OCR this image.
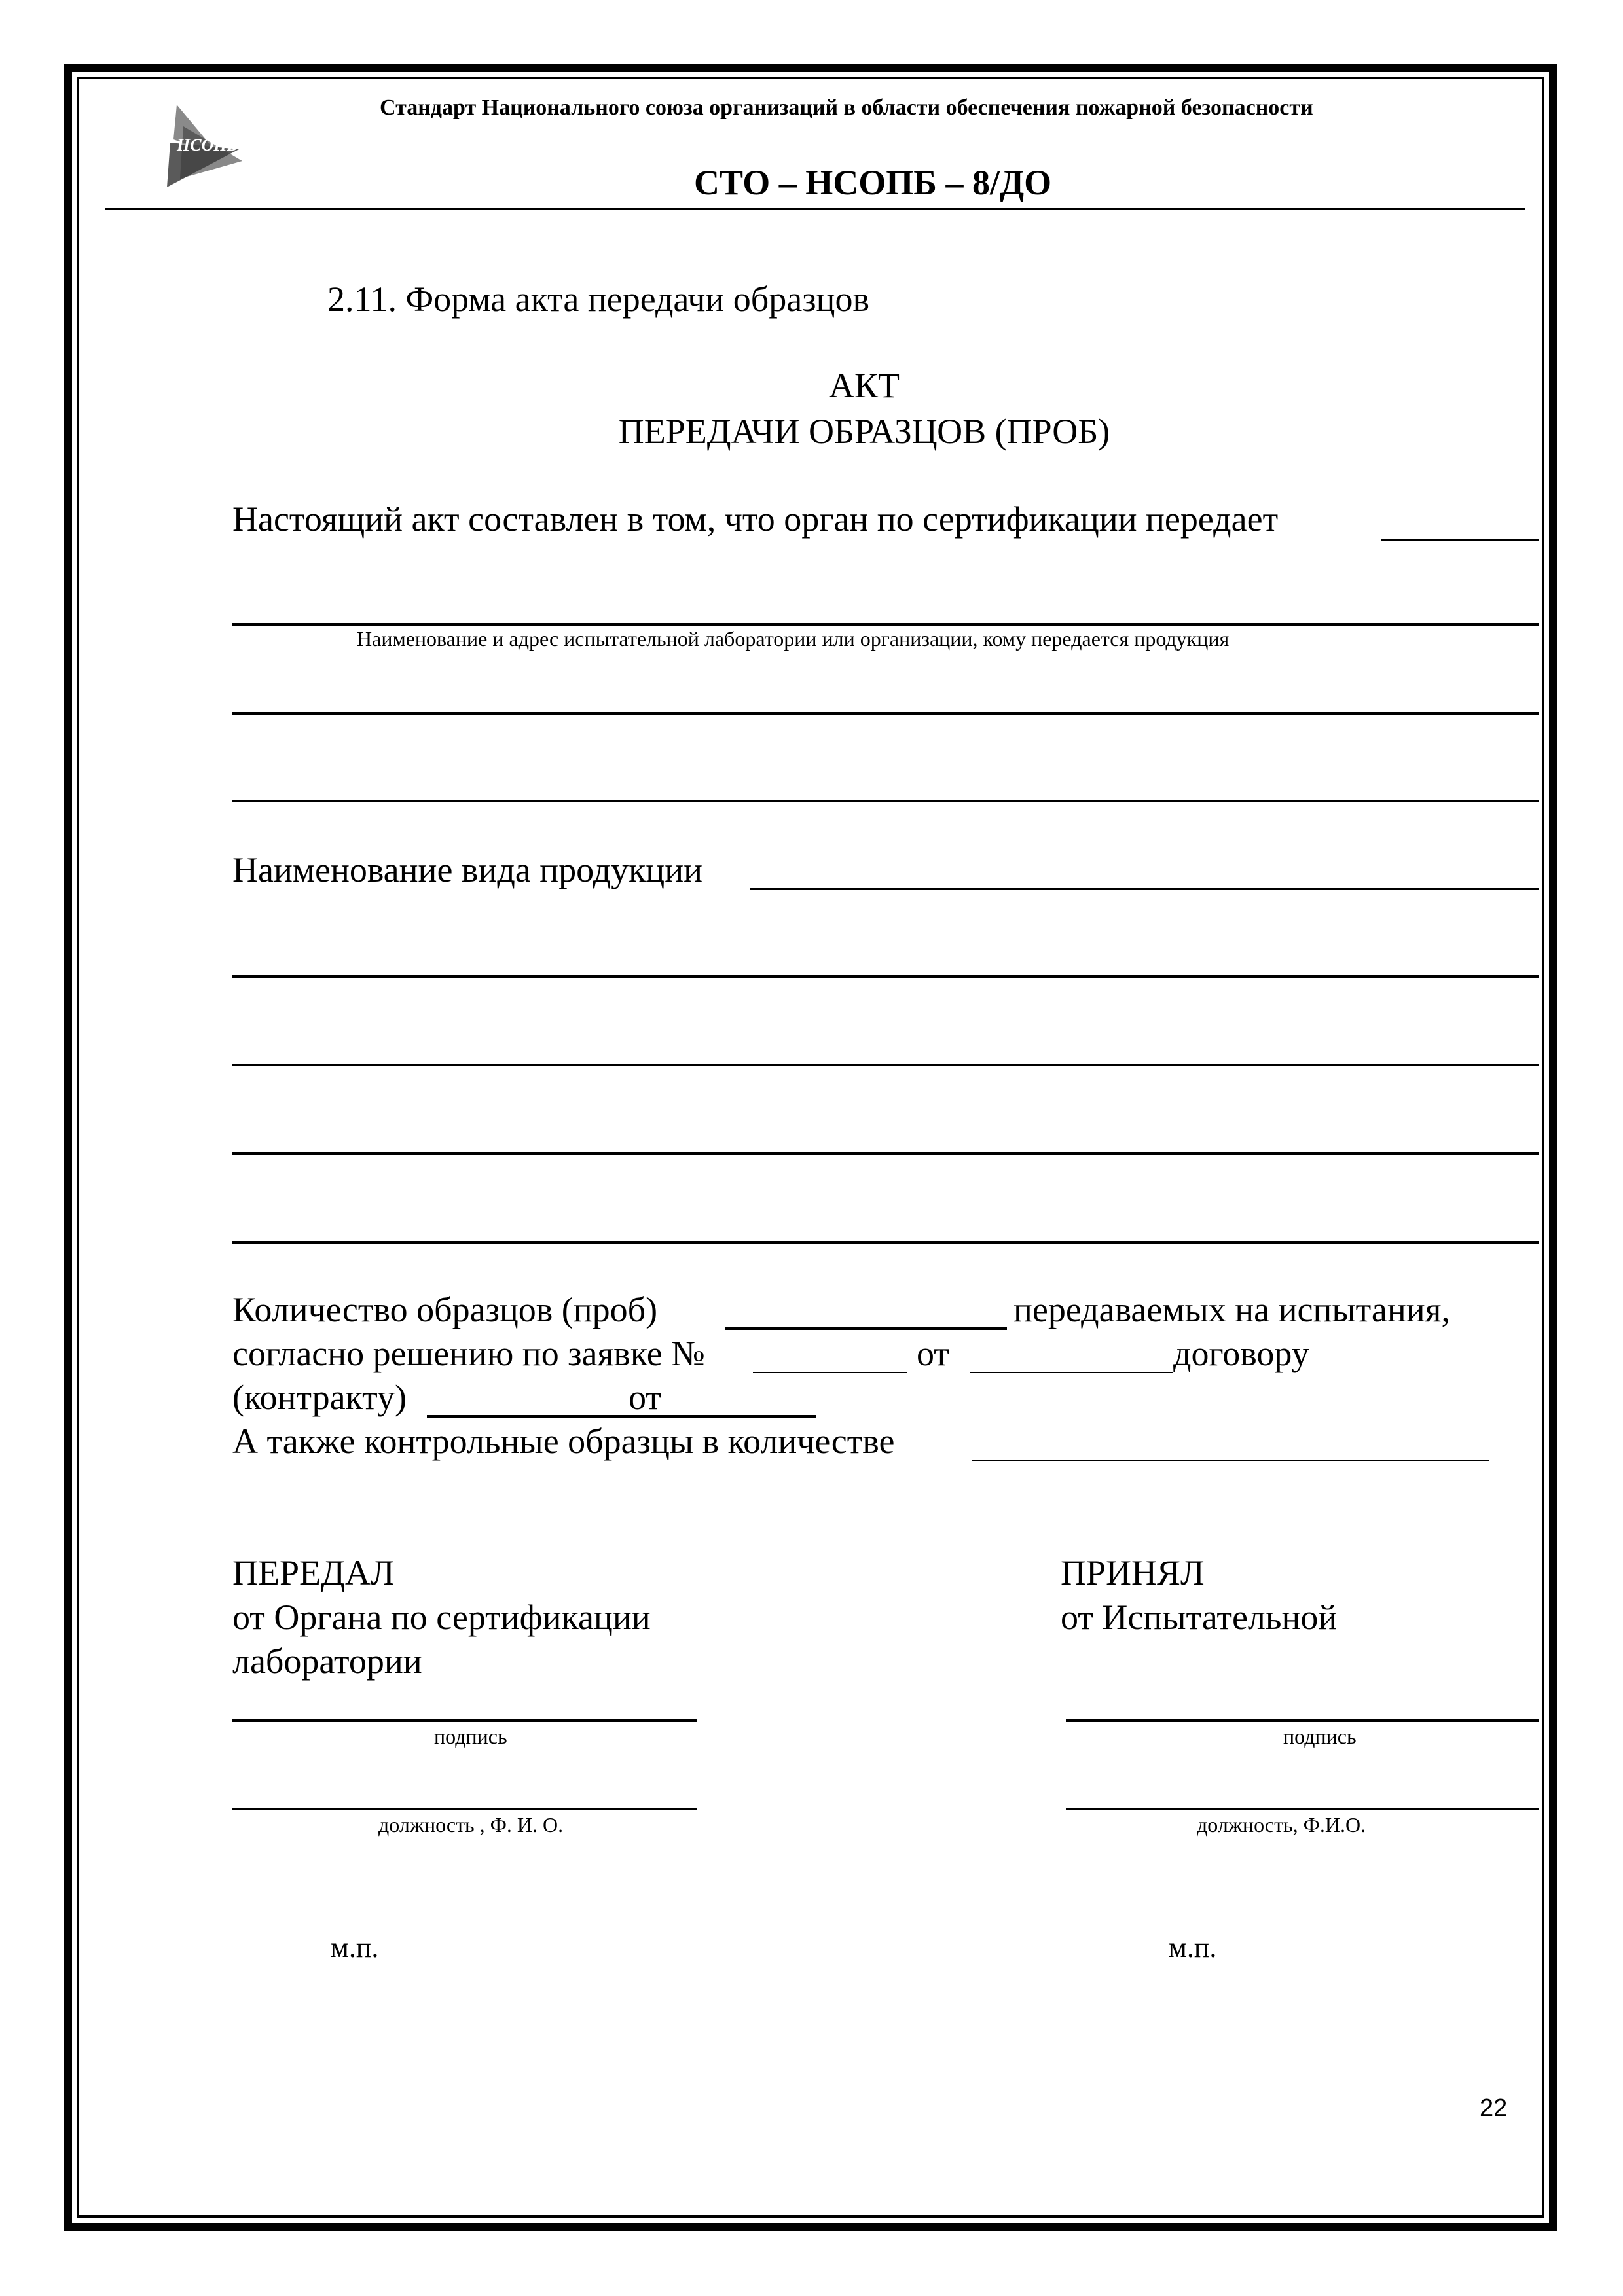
НСОПБ
Стандарт Национального союза организаций в области обеспечения пожарной безопасности
СТО – НСОПБ – 8/ДО
2.11. Форма акта передачи образцов
АКТ
ПЕРЕДАЧИ ОБРАЗЦОВ (ПРОБ)
Настоящий акт составлен в том, что орган по сертификации передает
Наименование и адрес испытательной лаборатории или организации, кому передается продукция
Наименование вида продукции
Количество образцов (проб)	передаваемых на испытания,
согласно решению по заявке №	от	договору
(контракту)	от
А также контрольные образцы в количестве
ПЕРЕДАЛ
от Органа по сертификации
лаборатории
подпись
должность , Ф. И. О.
м.п.
ПРИНЯЛ
от Испытательной
подпись
должность, Ф.И.О.
м.п.
22
